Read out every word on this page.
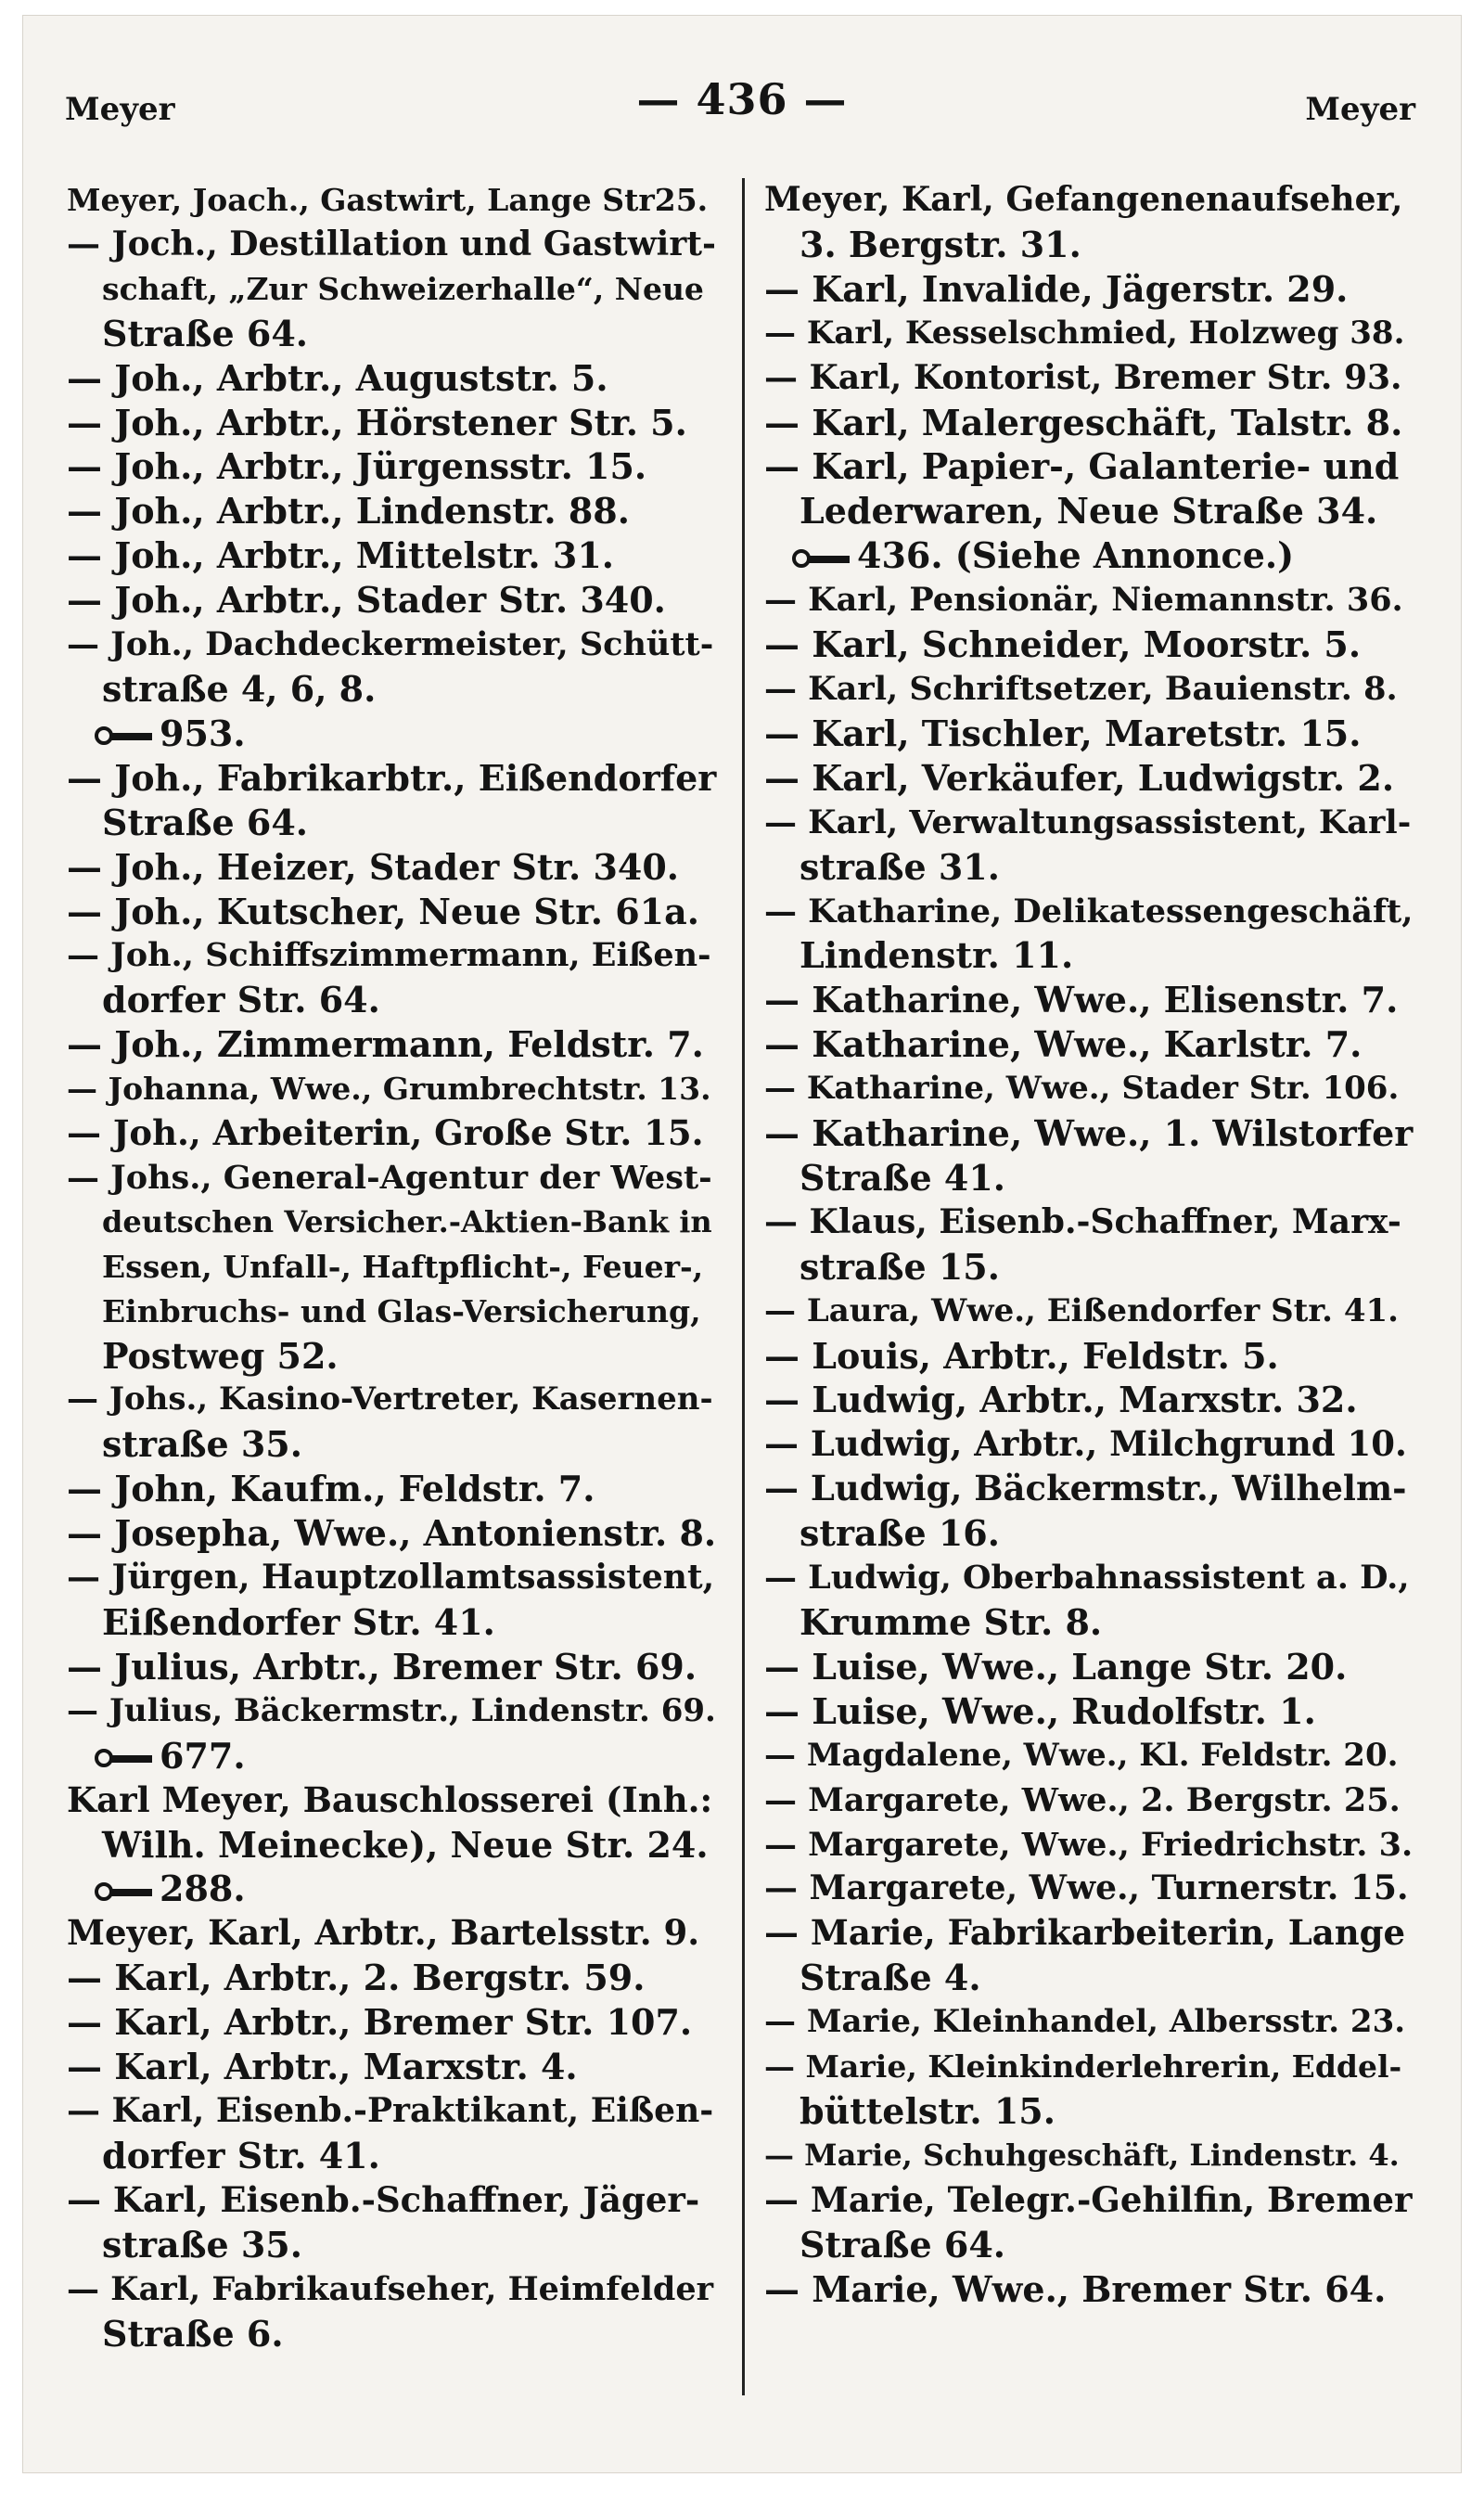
Meyer	— 436 —	Meyer
Meyer, Joach., Gastwirt, Lange Str25.
— Joch., Destillation und Gastwirt-
schaft, „Zur Schweizerhalle“, Neue
Straße 64.
— Joh., Arbtr., Auguststr. 5.
— Joh., Arbtr., Hörstener Str. 5.
— Joh., Arbtr., Jürgensstr. 15.
— Joh., Arbtr., Lindenstr. 88.
— Joh., Arbtr., Mittelstr. 31.
— Joh., Arbtr., Stader Str. 340.
— Joh., Dachdeckermeister, Schütt-
straße 4, 6, 8.
953.
— Joh., Fabrikarbtr., Eißendorfer
Straße 64.
— Joh., Heizer, Stader Str. 340.
— Joh., Kutscher, Neue Str. 61a.
— Joh., Schiffszimmermann, Eißen-
dorfer Str. 64.
— Joh., Zimmermann, Feldstr. 7.
— Johanna, Wwe., Grumbrechtstr. 13.
— Joh., Arbeiterin, Große Str. 15.
— Johs., General-Agentur der West-
deutschen Versicher.-Aktien-Bank in
Essen, Unfall-, Haftpflicht-, Feuer-,
Einbruchs- und Glas-Versicherung,
Postweg 52.
— Johs., Kasino-Vertreter, Kasernen-
straße 35.
— John, Kaufm., Feldstr. 7.
— Josepha, Wwe., Antonienstr. 8.
— Jürgen, Hauptzollamtsassistent,
Eißendorfer Str. 41.
— Julius, Arbtr., Bremer Str. 69.
— Julius, Bäckermstr., Lindenstr. 69.
677.
Karl Meyer, Bauschlosserei (Inh.:
Wilh. Meinecke), Neue Str. 24.
288.
Meyer, Karl, Arbtr., Bartelsstr. 9.
— Karl, Arbtr., 2. Bergstr. 59.
— Karl, Arbtr., Bremer Str. 107.
— Karl, Arbtr., Marxstr. 4.
— Karl, Eisenb.-Praktikant, Eißen-
dorfer Str. 41.
— Karl, Eisenb.-Schaffner, Jäger-
straße 35.
— Karl, Fabrikaufseher, Heimfelder
Straße 6.
Meyer, Karl, Gefangenenaufseher,
3. Bergstr. 31.
— Karl, Invalide, Jägerstr. 29.
— Karl, Kesselschmied, Holzweg 38.
— Karl, Kontorist, Bremer Str. 93.
— Karl, Malergeschäft, Talstr. 8.
— Karl, Papier-, Galanterie- und
Lederwaren, Neue Straße 34.
436. (Siehe Annonce.)
— Karl, Pensionär, Niemannstr. 36.
— Karl, Schneider, Moorstr. 5.
— Karl, Schriftsetzer, Bauienstr. 8.
— Karl, Tischler, Maretstr. 15.
— Karl, Verkäufer, Ludwigstr. 2.
— Karl, Verwaltungsassistent, Karl-
straße 31.
— Katharine, Delikatessengeschäft,
Lindenstr. 11.
— Katharine, Wwe., Elisenstr. 7.
— Katharine, Wwe., Karlstr. 7.
— Katharine, Wwe., Stader Str. 106.
— Katharine, Wwe., 1. Wilstorfer
Straße 41.
— Klaus, Eisenb.-Schaffner, Marx-
straße 15.
— Laura, Wwe., Eißendorfer Str. 41.
— Louis, Arbtr., Feldstr. 5.
— Ludwig, Arbtr., Marxstr. 32.
— Ludwig, Arbtr., Milchgrund 10.
— Ludwig, Bäckermstr., Wilhelm-
straße 16.
— Ludwig, Oberbahnassistent a. D.,
Krumme Str. 8.
— Luise, Wwe., Lange Str. 20.
— Luise, Wwe., Rudolfstr. 1.
— Magdalene, Wwe., Kl. Feldstr. 20.
— Margarete, Wwe., 2. Bergstr. 25.
— Margarete, Wwe., Friedrichstr. 3.
— Margarete, Wwe., Turnerstr. 15.
— Marie, Fabrikarbeiterin, Lange
Straße 4.
— Marie, Kleinhandel, Albersstr. 23.
— Marie, Kleinkinderlehrerin, Eddel-
büttelstr. 15.
— Marie, Schuhgeschäft, Lindenstr. 4.
— Marie, Telegr.-Gehilfin, Bremer
Straße 64.
— Marie, Wwe., Bremer Str. 64.
